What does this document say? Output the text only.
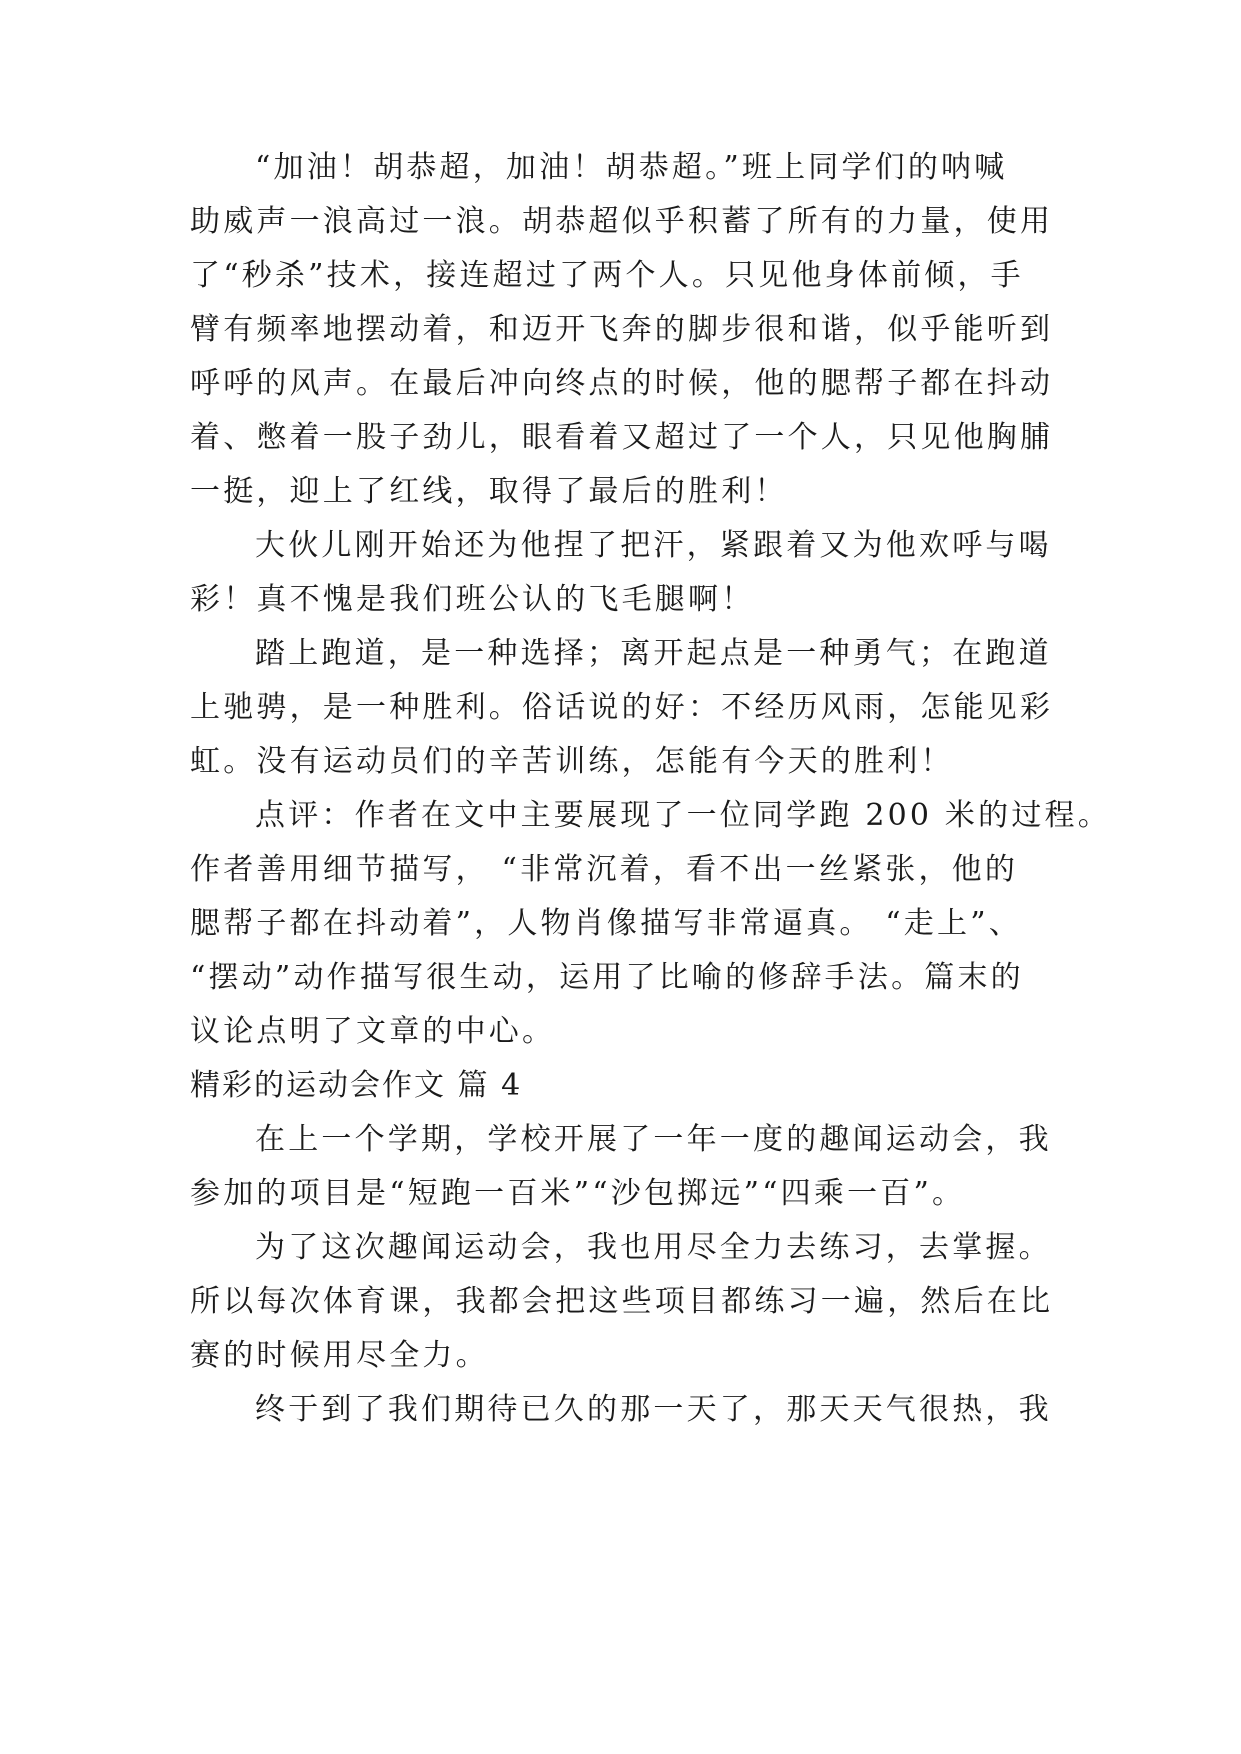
“加油！胡恭超，加油！胡恭超。”班上同学们的呐喊
助威声一浪高过一浪。胡恭超似乎积蓄了所有的力量，使用
了“秒杀”技术，接连超过了两个人。只见他身体前倾，手
臂有频率地摆动着，和迈开飞奔的脚步很和谐，似乎能听到
呼呼的风声。在最后冲向终点的时候，他的腮帮子都在抖动
着、憋着一股子劲儿，眼看着又超过了一个人，只见他胸脯
一挺，迎上了红线，取得了最后的胜利！
大伙儿刚开始还为他捏了把汗，紧跟着又为他欢呼与喝
彩！真不愧是我们班公认的飞毛腿啊！
踏上跑道，是一种选择；离开起点是一种勇气；在跑道
上驰骋，是一种胜利。俗话说的好：不经历风雨，怎能见彩
虹。没有运动员们的辛苦训练，怎能有今天的胜利！
点评：作者在文中主要展现了一位同学跑 200 米的过程。
作者善用细节描写， “非常沉着，看不出一丝紧张，他的
腮帮子都在抖动着”，人物肖像描写非常逼真。 “走上”、
“摆动”动作描写很生动，运用了比喻的修辞手法。篇末的
议论点明了文章的中心。
精彩的运动会作文 篇 4
在上一个学期，学校开展了一年一度的趣闻运动会，我
参加的项目是“短跑一百米”“沙包掷远”“四乘一百”。
为了这次趣闻运动会，我也用尽全力去练习，去掌握。
所以每次体育课，我都会把这些项目都练习一遍，然后在比
赛的时候用尽全力。
终于到了我们期待已久的那一天了，那天天气很热，我
